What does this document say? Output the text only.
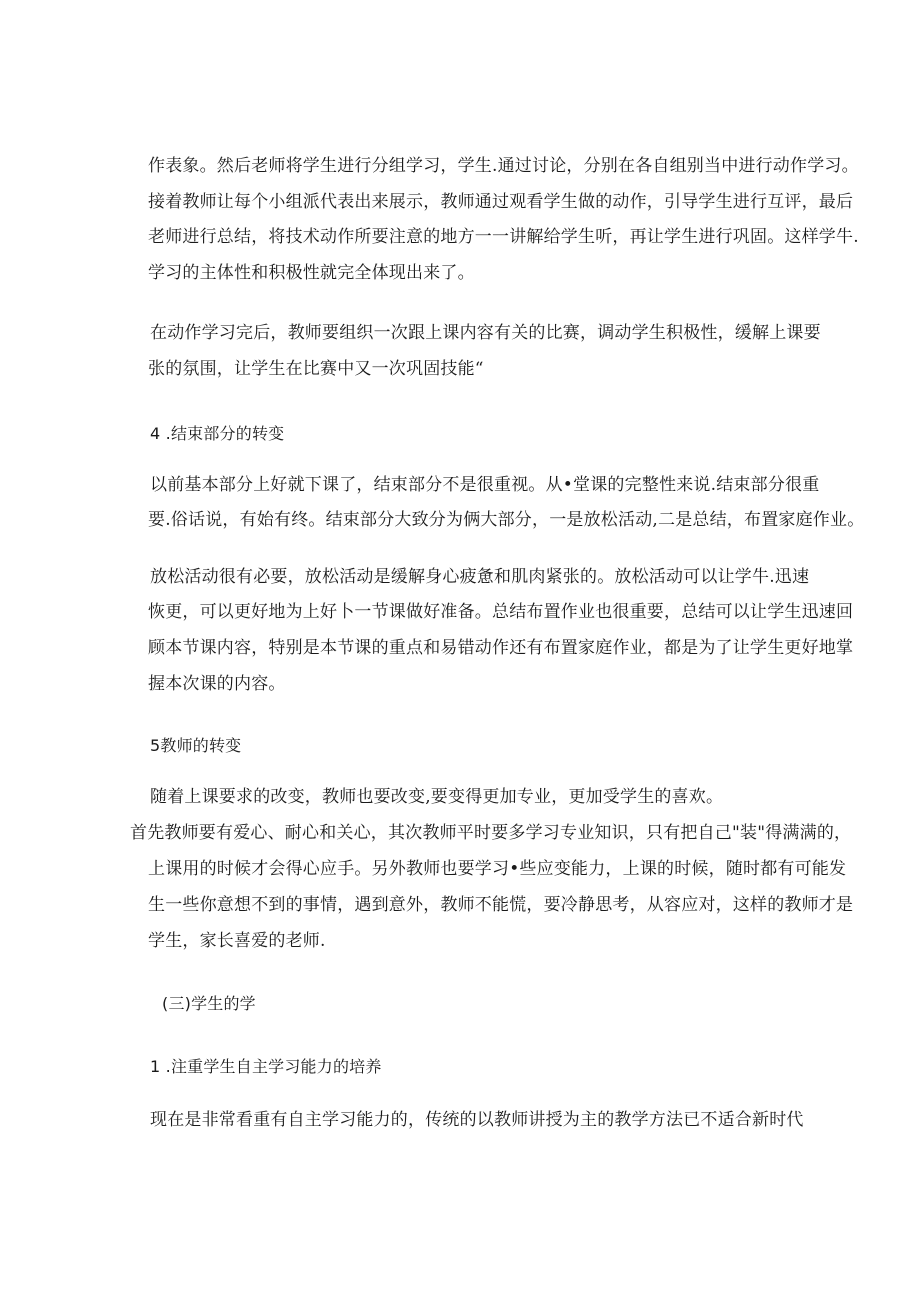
作表象。然后老师将学生进行分组学习，学生.通过讨论，分别在各自组别当中进行动作学习。
接着教师让每个小组派代表出来展示，教师通过观看学生做的动作，引导学生进行互评，最后
老师进行总结，将技术动作所要注意的地方一一讲解给学生听，再让学生进行巩固。这样学牛.
学习的主体性和积极性就完全体现出来了。
在动作学习完后，教师要组织一次跟上课内容有关的比赛，调动学生积极性，缓解上课要
张的氛围，让学生在比赛中又一次巩固技能“
4 .结束部分的转变
以前基本部分上好就下课了，结束部分不是很重视。从•堂课的完整性来说.结束部分很重
要.俗话说，有始有终。结束部分大致分为俩大部分，一是放松活动,二是总结，布置家庭作业。
放松活动很有必要，放松活动是缓解身心疲惫和肌肉紧张的。放松活动可以让学牛.迅速
恢更，可以更好地为上好卜一节课做好准备。总结布置作业也很重要，总结可以让学生迅速回
顾本节课内容，特别是本节课的重点和易错动作还有布置家庭作业，都是为了让学生更好地掌
握本次课的内容。
5教师的转变
随着上课要求的改变，教师也要改变,要变得更加专业，更加受学生的喜欢。
首先教师要有爱心、耐心和关心，其次教师平时要多学习专业知识，只有把自己"装"得满满的，
上课用的时候才会得心应手。另外教师也要学习•些应变能力，上课的时候，随时都有可能发
生一些你意想不到的事情，遇到意外，教师不能慌，要冷静思考，从容应对，这样的教师才是
学生，家长喜爱的老师.
(三)学生的学
1 .注重学生自主学习能力的培养
现在是非常看重有自主学习能力的，传统的以教师讲授为主的教学方法已不适合新时代
